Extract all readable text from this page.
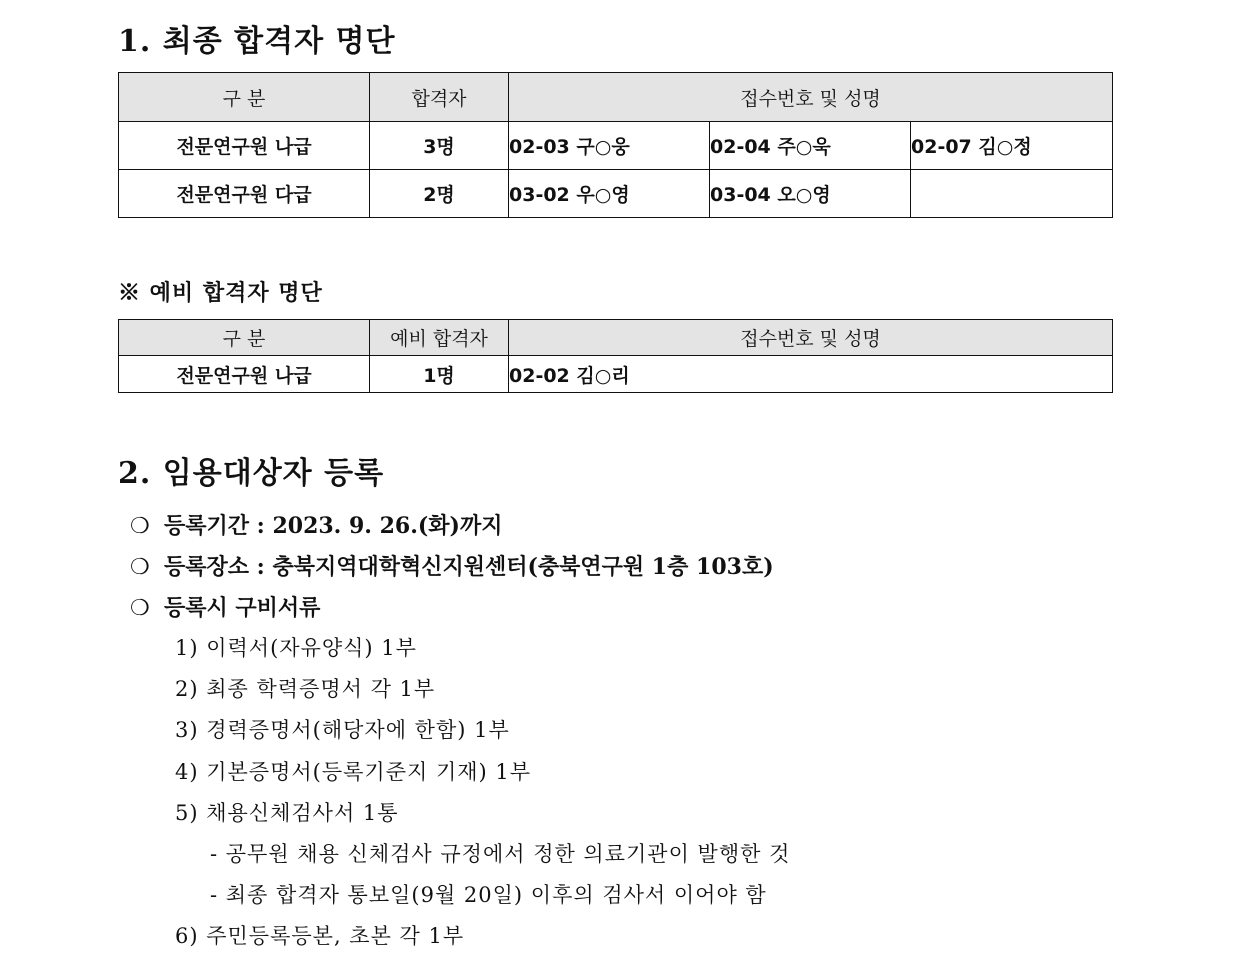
1. 최종 합격자 명단
구 분	합격자	접수번호 및 성명		
전문연구원 나급	3명	02-03 구○웅	02-04 주○욱	02-07 김○정
전문연구원 다급	2명	03-02 우○영	03-04 오○영	
※ 예비 합격자 명단
구 분	예비 합격자	접수번호 및 성명
전문연구원 나급	1명	02-02 김○리
2. 임용대상자 등록
❍ 등록기간 : 2023. 9. 26.(화)까지
❍ 등록장소 : 충북지역대학혁신지원센터(충북연구원 1층 103호)
❍ 등록시 구비서류
1) 이력서(자유양식) 1부
2) 최종 학력증명서 각 1부
3) 경력증명서(해당자에 한함) 1부
4) 기본증명서(등록기준지 기재) 1부
5) 채용신체검사서 1통
- 공무원 채용 신체검사 규정에서 정한 의료기관이 발행한 것
- 최종 합격자 통보일(9월 20일) 이후의 검사서 이어야 함
6) 주민등록등본, 초본 각 1부
